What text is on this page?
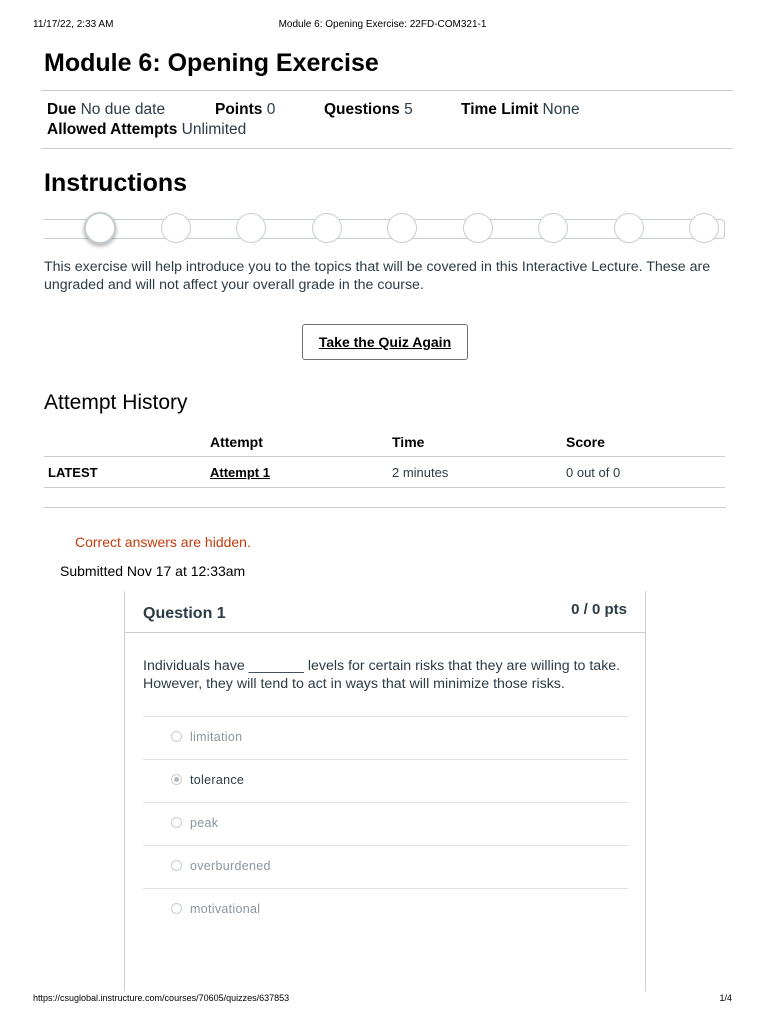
11/17/22, 2:33 AM	Module 6: Opening Exercise: 22FD-COM321-1
Module 6: Opening Exercise
Due No due date	Points 0	Questions 5	Time Limit None
Allowed Attempts Unlimited
Instructions

This exercise will help introduce you to the topics that will be covered in this Interactive Lecture. These are ungraded and will not affect your overall grade in the course.

Take the Quiz Again
Attempt History
	Attempt	Time	Score
LATEST	Attempt 1	2 minutes	0 out of 0
Correct answers are hidden.
Submitted Nov 17 at 12:33am
Question 1	0 / 0 pts

Individuals have _______ levels for certain risks that they are willing to take. However, they will tend to act in ways that will minimize those risks.

limitation
tolerance
peak
overburdened
motivational
https://csuglobal.instructure.com/courses/70605/quizzes/637853	1/4
